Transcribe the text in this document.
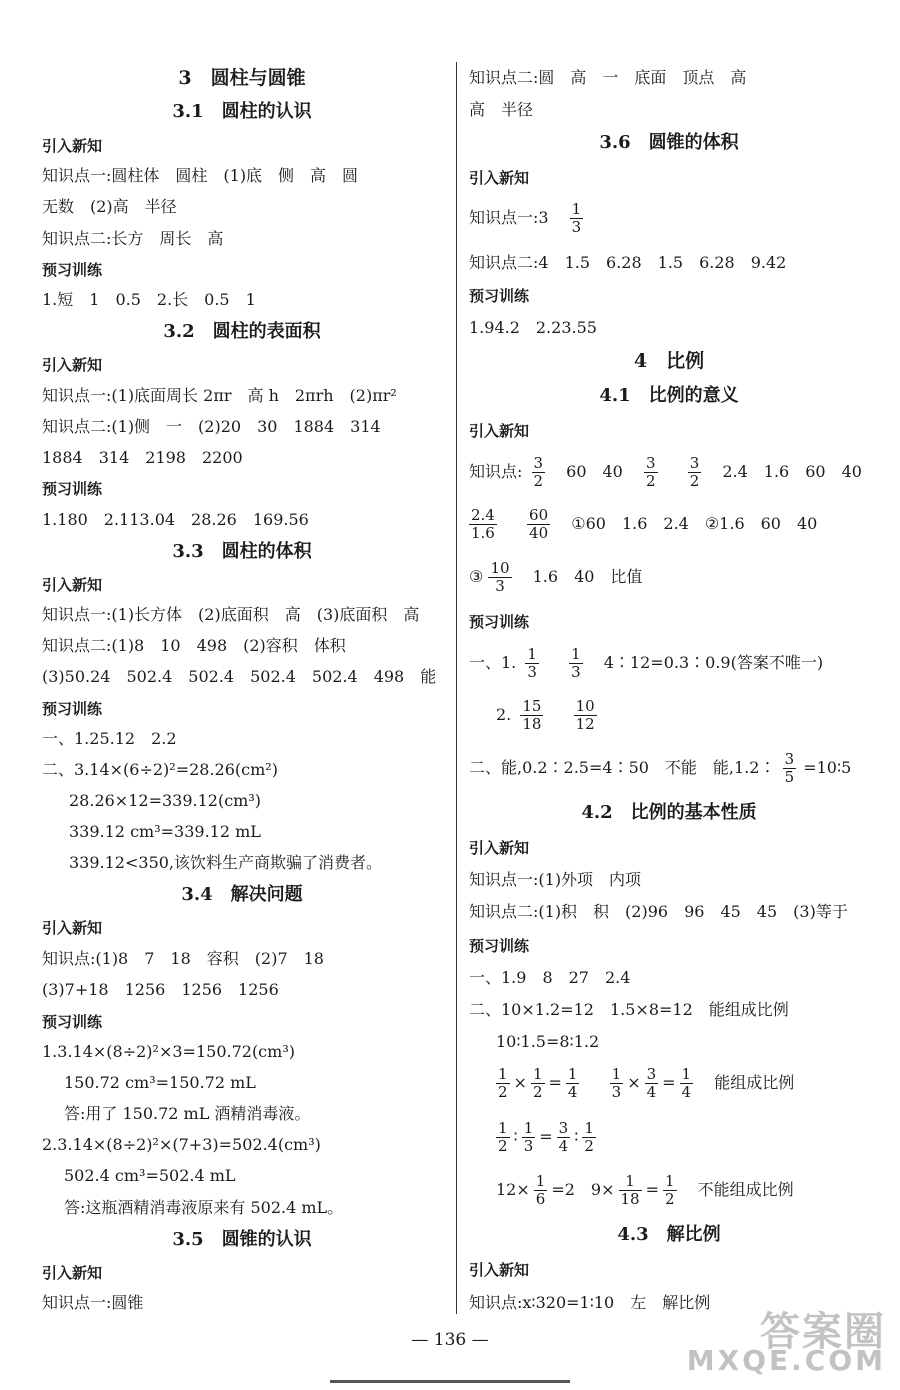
3　圆柱与圆锥
3.1　圆柱的认识
引入新知
知识点一:圆柱体　圆柱　(1)底　侧　高　圆
无数　(2)高　半径
知识点二:长方　周长　高
预习训练
1.短　1　0.5　2.长　0.5　1
3.2　圆柱的表面积
引入新知
知识点一:(1)底面周长 2πr　高 h　2πrh　(2)πr²
知识点二:(1)侧　一　(2)20　30　1884　314
1884　314　2198　2200
预习训练
1.180　2.113.04　28.26　169.56
3.3　圆柱的体积
引入新知
知识点一:(1)长方体　(2)底面积　高　(3)底面积　高
知识点二:(1)8　10　498　(2)容积　体积
(3)50.24　502.4　502.4　502.4　502.4　498　能
预习训练
一、1.25.12　2.2
二、3.14×(6÷2)²=28.26(cm²)
28.26×12=339.12(cm³)
339.12 cm³=339.12 mL
339.12<350,该饮料生产商欺骗了消费者。
3.4　解决问题
引入新知
知识点:(1)8　7　18　容积　(2)7　18
(3)7+18　1256　1256　1256
预习训练
1.3.14×(8÷2)²×3=150.72(cm³)
150.72 cm³=150.72 mL
答:用了 150.72 mL 酒精消毒液。
2.3.14×(8÷2)²×(7+3)=502.4(cm³)
502.4 cm³=502.4 mL
答:这瓶酒精消毒液原来有 502.4 mL。
3.5　圆锥的认识
引入新知
知识点一:圆锥
知识点二:圆　高　一　底面　顶点　高
高　半径
3.6　圆锥的体积
引入新知
知识点一:3 $\frac{1}{3}$
知识点二:4　1.5　6.28　1.5　6.28　9.42
预习训练
1.94.2　2.23.55
4　比例
4.1　比例的意义
引入新知
知识点: $\frac{3}{2} 60$　$40 \frac{3}{2}$
$\frac{3}{2} 2.4$　1.6　60　40
$\frac{2.4}{1.6}$
$\frac{60}{40}$ ①60　1.6　2.4　②1.6　60　40
③ $\frac{10}{3} 1.6$　40　比值
预习训练
一、1. $\frac{1}{3}$
$\frac{1}{3}$ 4∶12=0.3∶0.9(答案不唯一)
2. $\frac{15}{18}$
$\frac{10}{12}$
二、能,0.2∶2.5=4∶50　不能　能,1.2∶ $\frac{3}{5}$ =10∶5
4.2　比例的基本性质
引入新知
知识点一:(1)外项　内项
知识点二:(1)积　积　(2)96　96　45　45　(3)等于
预习训练
一、1.9　8　27　2.4
二、10×1.2=12　1.5×8=12　能组成比例
10∶1.5=8∶1.2
$\frac{1}{2} \times \frac{1}{2} = \frac{1}{4}$
$\frac{1}{3} \times \frac{3}{4} = \frac{1}{4}$ 能组成比例
$\frac{1}{2}$ ∶ $\frac{1}{3} = \frac{3}{4}$ ∶ $\frac{1}{2}$
$12\times \frac{1}{6} =2$　$9\times \frac{1}{18} = \frac{1}{2}$ 不能组成比例
4.3　解比例
引入新知
知识点:x∶320=1∶10　左　解比例
— 136 —	答案圈
MXQE.COM
